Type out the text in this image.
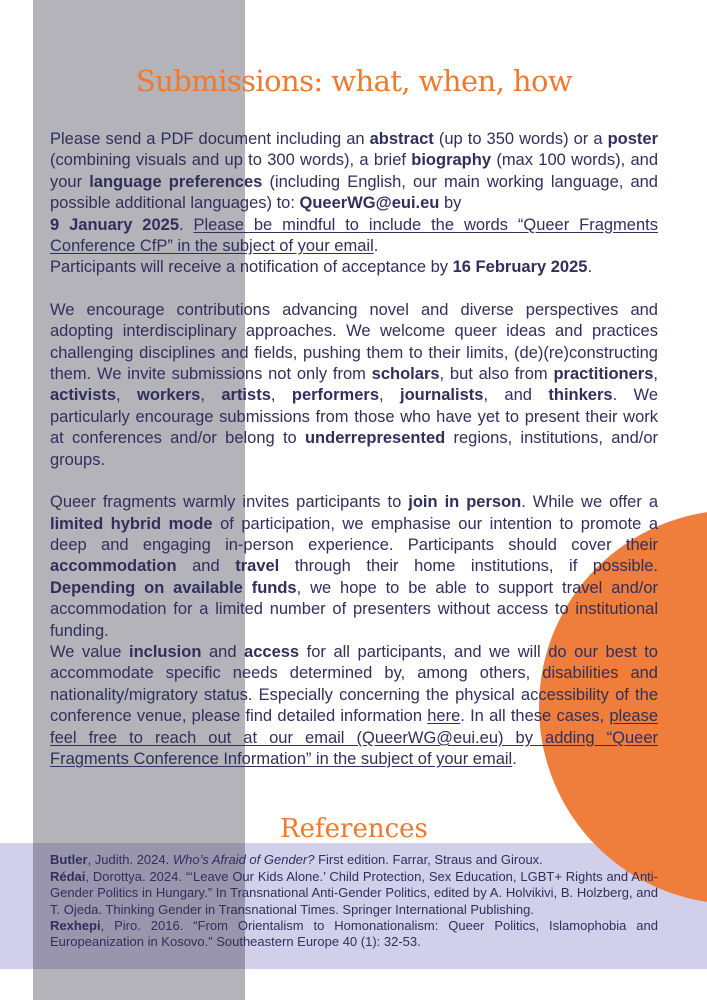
Submissions: what, when, how

Please send a PDF document including an abstract (up to 350 words) or a poster (combining visuals and up to 300 words), a brief biography (max 100 words), and your language preferences (including English, our main working language, and possible additional languages) to: QueerWG@eui.eu by
9 January 2025. Please be mindful to include the words “Queer Fragments Conference CfP” in the subject of your email.
Participants will receive a notification of acceptance by 16 February 2025.

We encourage contributions advancing novel and diverse perspectives and adopting interdisciplinary approaches. We welcome queer ideas and practices challenging disciplines and fields, pushing them to their limits, (de)(re)constructing them. We invite submissions not only from scholars, but also from practitioners, activists, workers, artists, performers, journalists, and thinkers. We particularly encourage submissions from those who have yet to present their work at conferences and/or belong to underrepresented regions, institutions, and/or groups.

Queer fragments warmly invites participants to join in person. While we offer a limited hybrid mode of participation, we emphasise our intention to promote a deep and engaging in-person experience. Participants should cover their accommodation and travel through their home institutions, if possible. Depending on available funds, we hope to be able to support travel and/or accommodation for a limited number of presenters without access to institutional funding.

We value inclusion and access for all participants, and we will do our best to accommodate specific needs determined by, among others, disabilities and nationality/migratory status. Especially concerning the physical accessibility of the conference venue, please find detailed information here. In all these cases, please feel free to reach out at our email (QueerWG@eui.eu) by adding “Queer Fragments Conference Information” in the subject of your email.

References

Butler, Judith. 2024. Who’s Afraid of Gender? First edition. Farrar, Straus and Giroux.

Rédai, Dorottya. 2024. “‘Leave Our Kids Alone.’ Child Protection, Sex Education, LGBT+ Rights and Anti-Gender Politics in Hungary.” In Transnational Anti-Gender Politics, edited by A. Holvikivi, B. Holzberg, and T. Ojeda. Thinking Gender in Transnational Times. Springer International Publishing.

Rexhepi, Piro. 2016. “From Orientalism to Homonationalism: Queer Politics, Islamophobia and Europeanization in Kosovo.” Southeastern Europe 40 (1): 32-53.
